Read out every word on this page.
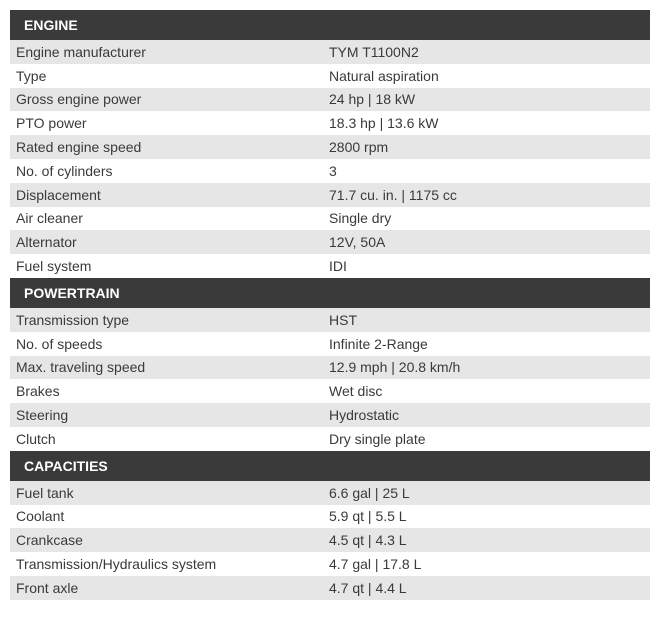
ENGINE
Engine manufacturer	TYM T1100N2
Type	Natural aspiration
Gross engine power	24 hp | 18 kW
PTO power	18.3 hp | 13.6 kW
Rated engine speed	2800 rpm
No. of cylinders	3
Displacement	71.7 cu. in. | 1175 cc
Air cleaner	Single dry
Alternator	12V, 50A
Fuel system	IDI
POWERTRAIN
Transmission type	HST
No. of speeds	Infinite 2-Range
Max. traveling speed	12.9 mph | 20.8 km/h
Brakes	Wet disc
Steering	Hydrostatic
Clutch	Dry single plate
CAPACITIES
Fuel tank	6.6 gal | 25 L
Coolant	5.9 qt | 5.5 L
Crankcase	4.5 qt | 4.3 L
Transmission/Hydraulics system	4.7 gal | 17.8 L
Front axle	4.7 qt | 4.4 L
